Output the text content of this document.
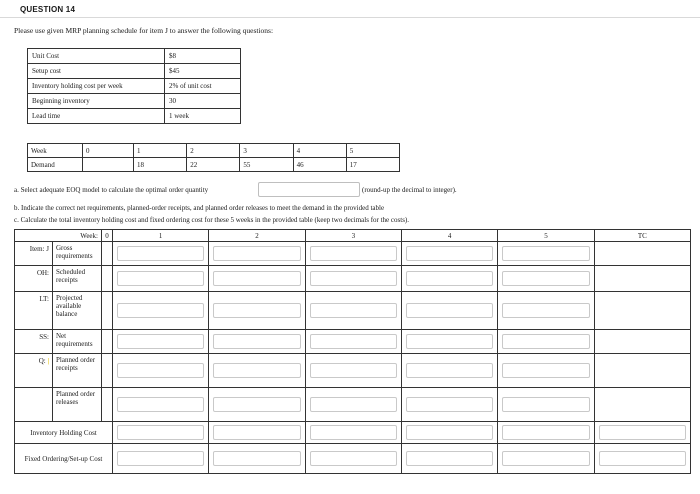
QUESTION 14
Please use given MRP planning schedule for item J to answer the following questions:
Unit Cost	$8
Setup cost	$45
Inventory holding cost per week	2% of unit cost
Beginning inventory	30
Lead time	1 week
Week	0	1	2	3	4	5
Demand		18	22	55	46	17
a. Select adequate EOQ model to calculate the optimal order quantity	(round-up the decimal to integer).
b. Indicate the correct net requirements, planned-order receipts, and planned order releases to meet the demand in the provided table
c. Calculate the total inventory holding cost and fixed ordering cost for these 5 weeks in the provided table (keep two decimals for the costs).
Week:		0	1	2	3	4	5	TC
Item: J	Gross requirements		

OH:	Scheduled receipts		

LT:	Projected available balance		

SS:	Net requirements		

Q: |	Planned order receipts		

	Planned order releases		

Inventory Holding Cost			

Fixed Ordering/Set-up Cost			
